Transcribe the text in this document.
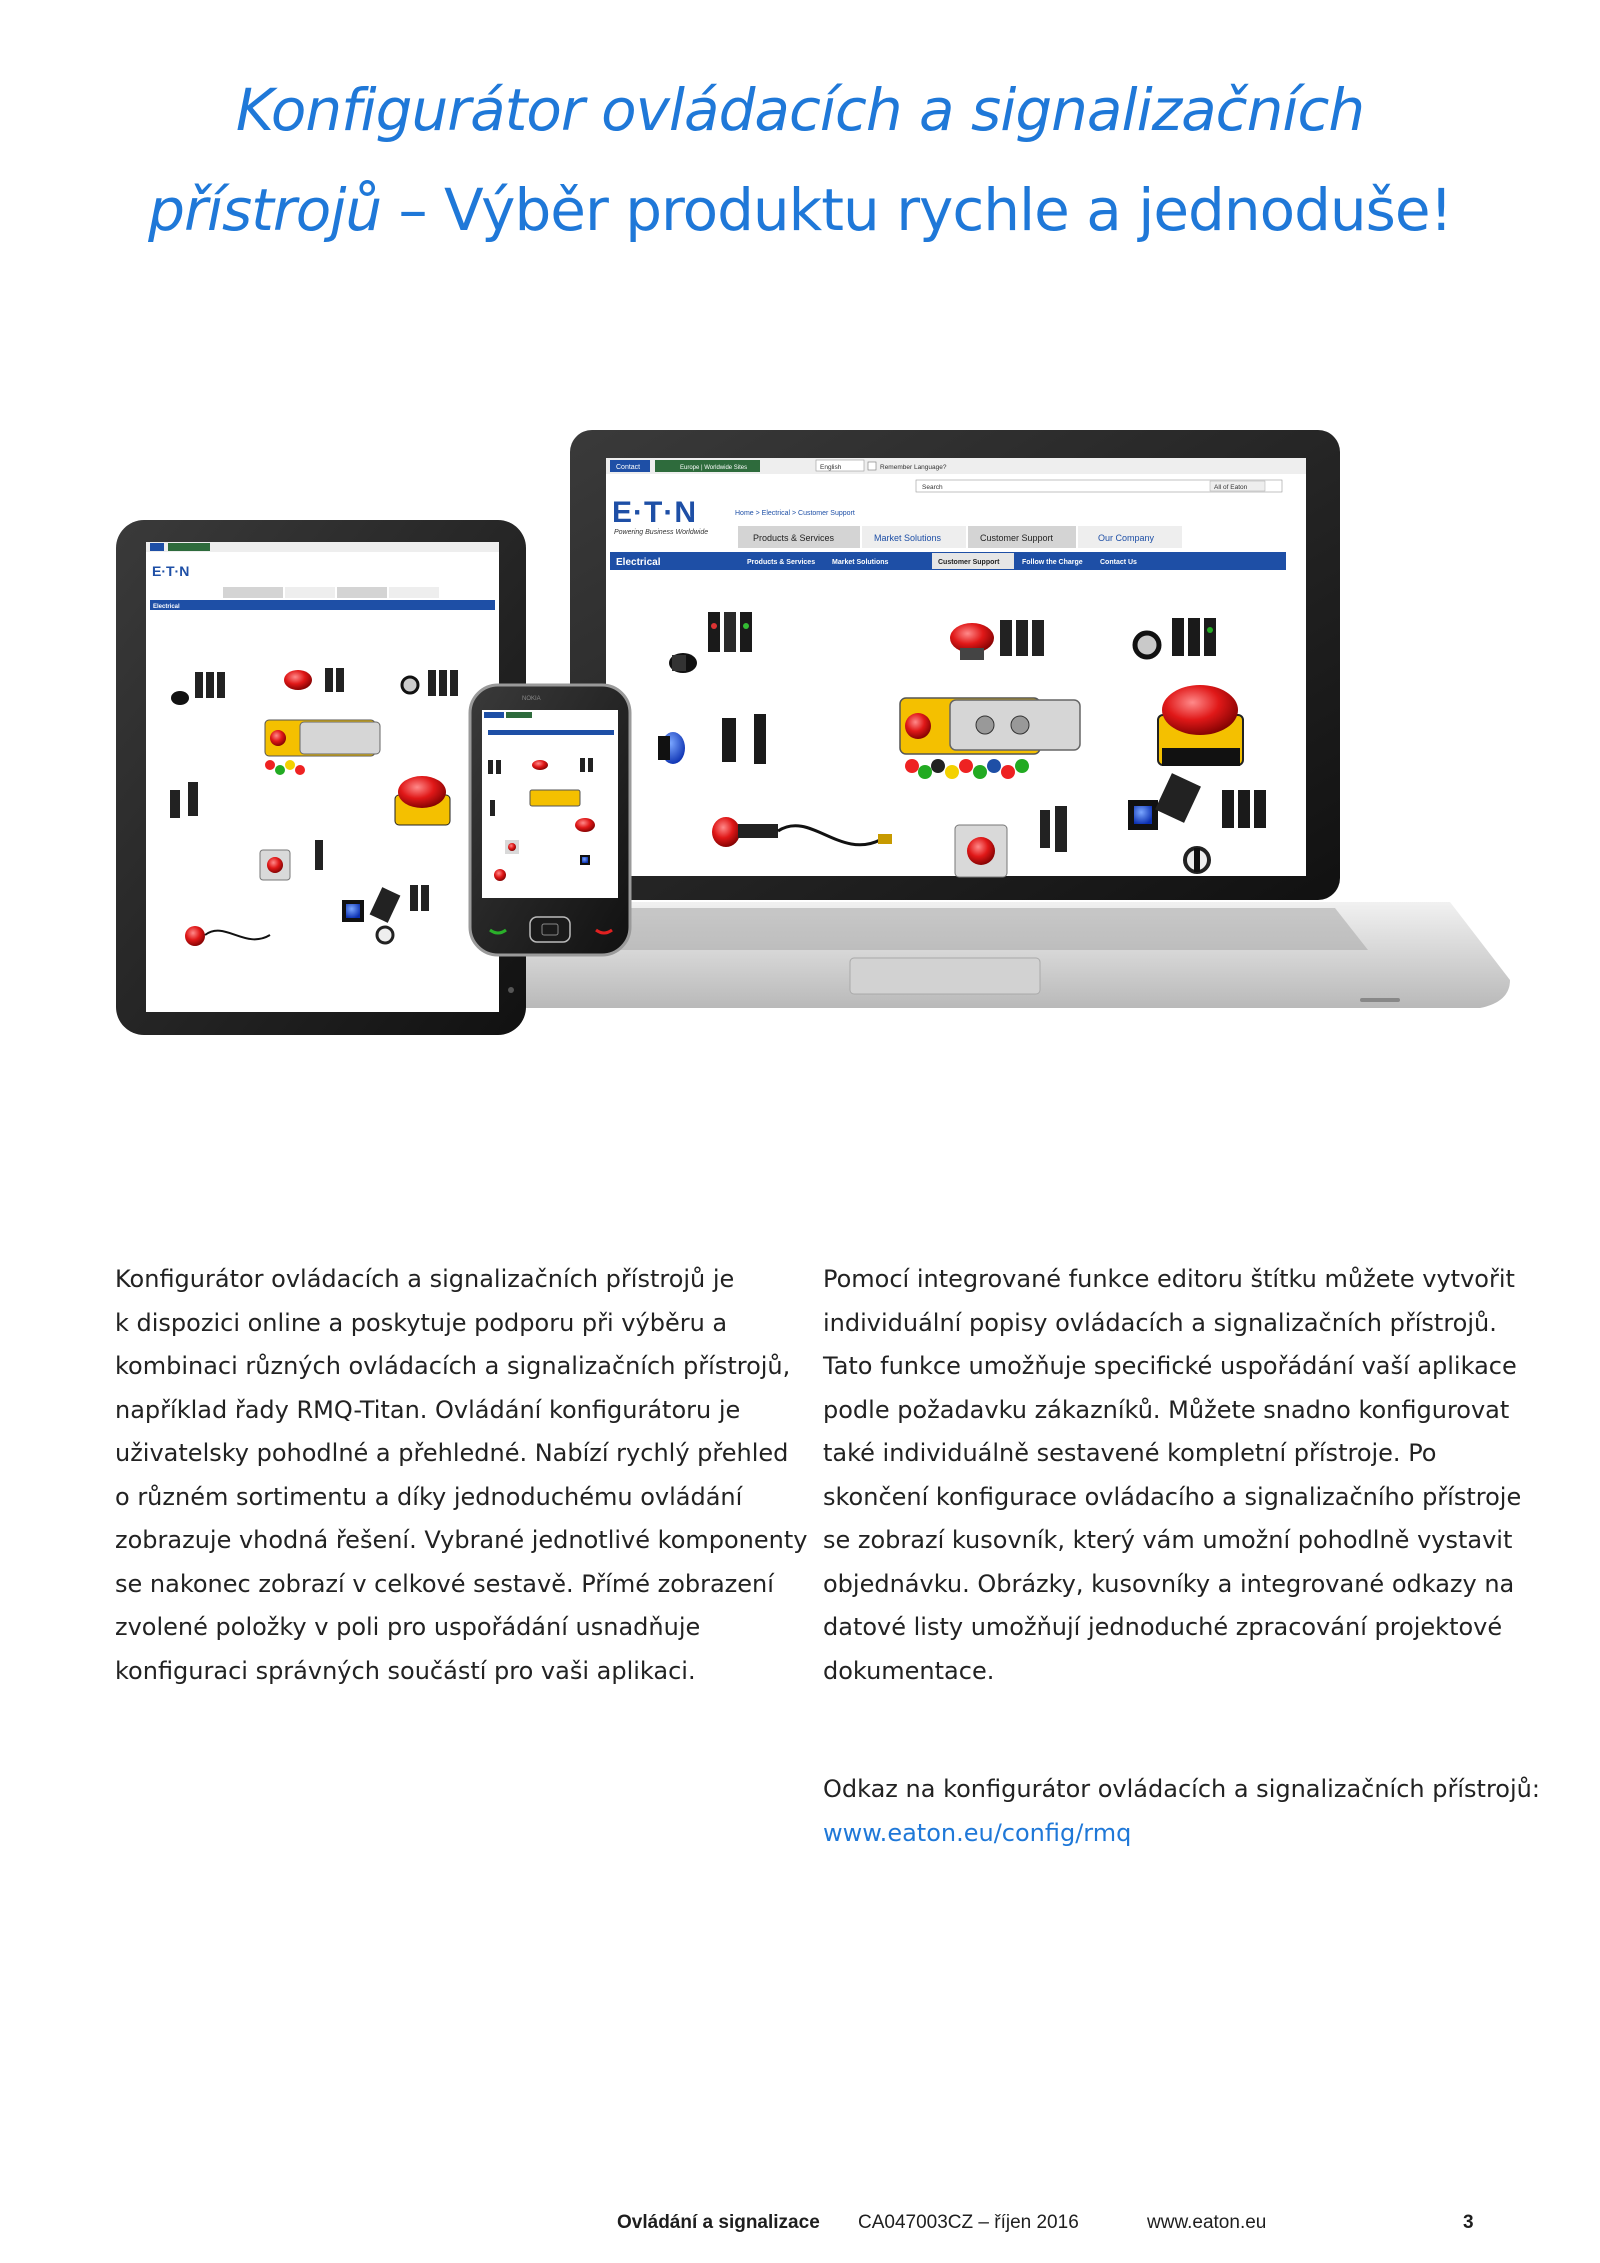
Konfigurátor ovládacích a signalizačních
přístrojů – Výběr produktu rychle a jednoduše!
Contact	Europe | Worldwide Sites	English	Remember Language?
Search	All of Eaton
E·T·N
Powering Business Worldwide
Home > Electrical > Customer Support
Products & Services	Market Solutions	Customer Support	Our Company
Electrical	Products & Services Market Solutions	Customer Support	Follow the Charge Contact Us
E·T·N
Electrical
NOKIA
Konfigurátor ovládacích a signalizačních přístrojů je
k dispozici online a poskytuje podporu při výběru a
kombinaci různých ovládacích a signalizačních přístrojů,
například řady RMQ-Titan. Ovládání konfigurátoru je
uživatelsky pohodlné a přehledné. Nabízí rychlý přehled
o různém sortimentu a díky jednoduchému ovládání
zobrazuje vhodná řešení. Vybrané jednotlivé komponenty
se nakonec zobrazí v celkové sestavě. Přímé zobrazení
zvolené položky v poli pro uspořádání usnadňuje
konfiguraci správných součástí pro vaši aplikaci.
Pomocí integrované funkce editoru štítku můžete vytvořit
individuální popisy ovládacích a signalizačních přístrojů.
Tato funkce umožňuje specifické uspořádání vaší aplikace
podle požadavku zákazníků. Můžete snadno konfigurovat
také individuálně sestavené kompletní přístroje. Po
skončení konfigurace ovládacího a signalizačního přístroje
se zobrazí kusovník, který vám umožní pohodlně vystavit
objednávku. Obrázky, kusovníky a integrované odkazy na
datové listy umožňují jednoduché zpracování projektové
dokumentace.
Odkaz na konfigurátor ovládacích a signalizačních přístrojů:
www.eaton.eu/config/rmq
Ovládání a signalizace CA047003CZ – říjen 2016	www.eaton.eu	3
